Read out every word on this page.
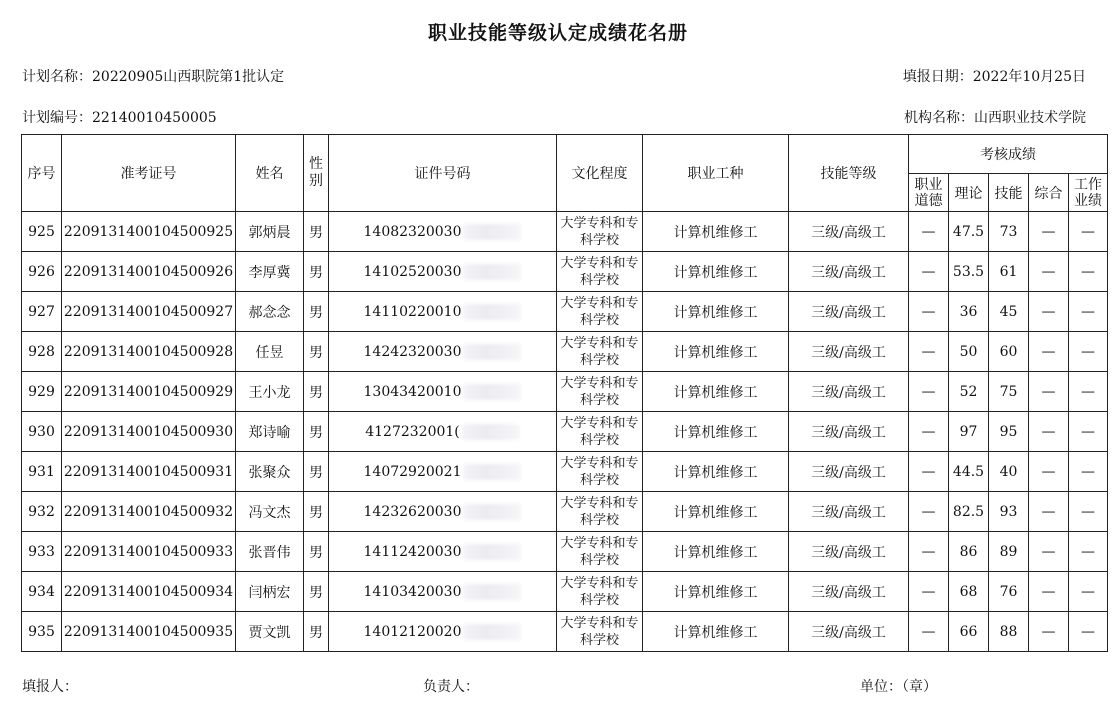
职业技能等级认定成绩花名册
计划名称：20220905山西职院第1批认定	填报日期：2022年10月25日
计划编号：22140010450005	机构名称：山西职业技术学院
序号	准考证号	姓名	性别	证件号码	文化程度	职业工种	技能等级	考核成绩				
								职业道德	理论	技能	综合	工作业绩
925	2209131400104500925	郭炳晨	男	14082320030	大学专科和专科学校	计算机维修工	三级/高级工	—	47.5	73	—	—
926	2209131400104500926	李厚冀	男	14102520030	大学专科和专科学校	计算机维修工	三级/高级工	—	53.5	61	—	—
927	2209131400104500927	郝念念	男	14110220010	大学专科和专科学校	计算机维修工	三级/高级工	—	36	45	—	—
928	2209131400104500928	任昱	男	14242320030	大学专科和专科学校	计算机维修工	三级/高级工	—	50	60	—	—
929	2209131400104500929	王小龙	男	13043420010	大学专科和专科学校	计算机维修工	三级/高级工	—	52	75	—	—
930	2209131400104500930	郑诗喻	男	4127232001(	大学专科和专科学校	计算机维修工	三级/高级工	—	97	95	—	—
931	2209131400104500931	张聚众	男	14072920021	大学专科和专科学校	计算机维修工	三级/高级工	—	44.5	40	—	—
932	2209131400104500932	冯文杰	男	14232620030	大学专科和专科学校	计算机维修工	三级/高级工	—	82.5	93	—	—
933	2209131400104500933	张晋伟	男	14112420030	大学专科和专科学校	计算机维修工	三级/高级工	—	86	89	—	—
934	2209131400104500934	闫柄宏	男	14103420030	大学专科和专科学校	计算机维修工	三级/高级工	—	68	76	—	—
935	2209131400104500935	贾文凯	男	14012120020	大学专科和专科学校	计算机维修工	三级/高级工	—	66	88	—	—
填报人：	负责人：	单位：（章）
